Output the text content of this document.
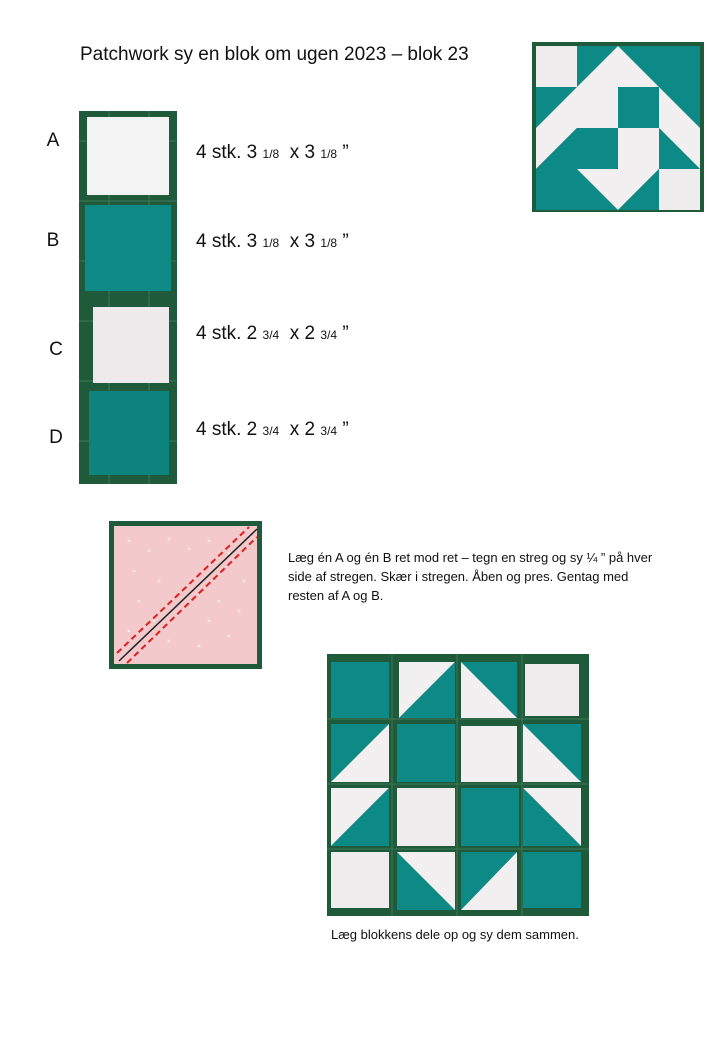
Patchwork sy en blok om ugen 2023 – blok 23
A
B
C
D
4 stk. 3 1/8 x 3 1/8 ”
4 stk. 3 1/8 x 3 1/8 ”
4 stk. 2 3/4 x 2 3/4 ”
4 stk. 2 3/4 x 2 3/4 ”
Læg én A og én B ret mod ret – tegn en streg og sy ¼ ” på hver side af stregen. Skær i stregen. Åben og pres. Gentag med resten af A og B.
Læg blokkens dele op og sy dem sammen.
